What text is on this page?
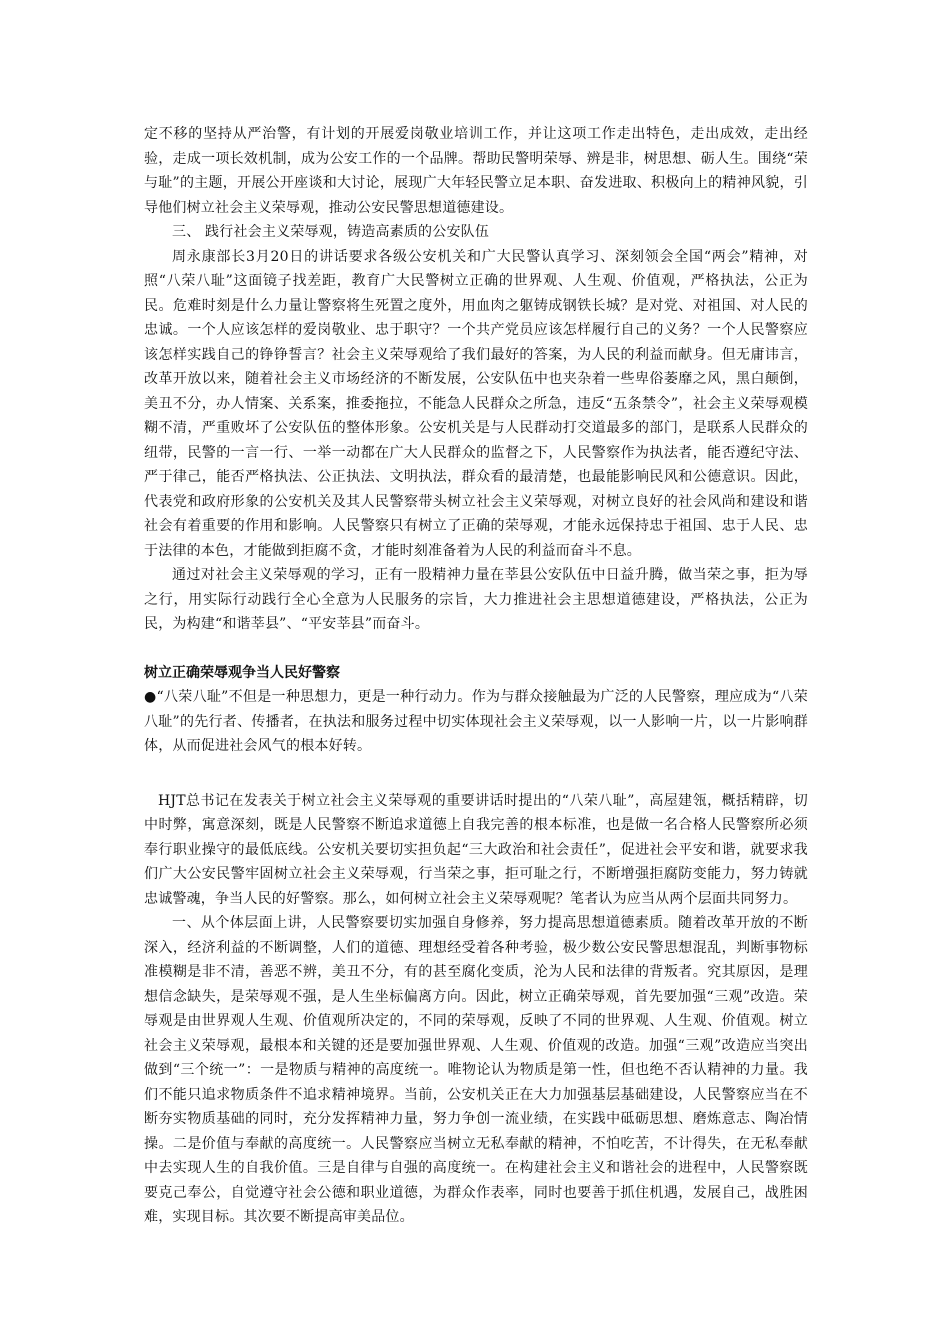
定不移的坚持从严治警，有计划的开展爱岗敬业培训工作，并让这项工作走出特色，走出成效，走出经验，走成一项长效机制，成为公安工作的一个品牌。帮助民警明荣辱、辨是非，树思想、砺人生。围绕“荣与耻”的主题，开展公开座谈和大讨论，展现广大年轻民警立足本职、奋发进取、积极向上的精神风貌，引导他们树立社会主义荣辱观，推动公安民警思想道德建设。

三、 践行社会主义荣辱观，铸造高素质的公安队伍

周永康部长3月20日的讲话要求各级公安机关和广大民警认真学习、深刻领会全国“两会”精神，对照“八荣八耻”这面镜子找差距，教育广大民警树立正确的世界观、人生观、价值观，严格执法，公正为民。危难时刻是什么力量让警察将生死置之度外，用血肉之躯铸成钢铁长城？是对党、对祖国、对人民的忠诚。一个人应该怎样的爱岗敬业、忠于职守？一个共产党员应该怎样履行自己的义务？一个人民警察应该怎样实践自己的铮铮誓言？社会主义荣辱观给了我们最好的答案，为人民的利益而献身。但无庸讳言，改革开放以来，随着社会主义市场经济的不断发展，公安队伍中也夹杂着一些卑俗萎靡之风，黑白颠倒，美丑不分，办人情案、关系案，推委拖拉，不能急人民群众之所急，违反“五条禁令”，社会主义荣辱观模糊不清，严重败坏了公安队伍的整体形象。公安机关是与人民群动打交道最多的部门，是联系人民群众的纽带，民警的一言一行、一举一动都在广大人民群众的监督之下，人民警察作为执法者，能否遵纪守法、严于律己，能否严格执法、公正执法、文明执法，群众看的最清楚，也最能影响民风和公德意识。因此，代表党和政府形象的公安机关及其人民警察带头树立社会主义荣辱观，对树立良好的社会风尚和建设和谐社会有着重要的作用和影响。人民警察只有树立了正确的荣辱观，才能永远保持忠于祖国、忠于人民、忠于法律的本色，才能做到拒腐不贪，才能时刻准备着为人民的利益而奋斗不息。

通过对社会主义荣辱观的学习，正有一股精神力量在莘县公安队伍中日益升腾，做当荣之事，拒为辱之行，用实际行动践行全心全意为人民服务的宗旨，大力推进社会主思想道德建设，严格执法，公正为民，为构建“和谐莘县”、“平安莘县”而奋斗。

树立正确荣辱观争当人民好警察

●“八荣八耻”不但是一种思想力，更是一种行动力。作为与群众接触最为广泛的人民警察，理应成为“八荣八耻”的先行者、传播者，在执法和服务过程中切实体现社会主义荣辱观，以一人影响一片，以一片影响群体，从而促进社会风气的根本好转。

HJT总书记在发表关于树立社会主义荣辱观的重要讲话时提出的“八荣八耻”，高屋建瓴，概括精辟，切中时弊，寓意深刻，既是人民警察不断追求道德上自我完善的根本标准，也是做一名合格人民警察所必须奉行职业操守的最低底线。公安机关要切实担负起“三大政治和社会责任”，促进社会平安和谐，就要求我们广大公安民警牢固树立社会主义荣辱观，行当荣之事，拒可耻之行，不断增强拒腐防变能力，努力铸就忠诚警魂，争当人民的好警察。那么，如何树立社会主义荣辱观呢？笔者认为应当从两个层面共同努力。

一、从个体层面上讲，人民警察要切实加强自身修养，努力提高思想道德素质。随着改革开放的不断深入，经济利益的不断调整，人们的道德、理想经受着各种考验，极少数公安民警思想混乱，判断事物标准模糊是非不清，善恶不辨，美丑不分，有的甚至腐化变质，沦为人民和法律的背叛者。究其原因，是理想信念缺失，是荣辱观不强，是人生坐标偏离方向。因此，树立正确荣辱观，首先要加强“三观”改造。荣辱观是由世界观人生观、价值观所决定的，不同的荣辱观，反映了不同的世界观、人生观、价值观。树立社会主义荣辱观，最根本和关键的还是要加强世界观、人生观、价值观的改造。加强“三观”改造应当突出做到“三个统一”：一是物质与精神的高度统一。唯物论认为物质是第一性，但也绝不否认精神的力量。我们不能只追求物质条件不追求精神境界。当前，公安机关正在大力加强基层基础建设，人民警察应当在不断夯实物质基础的同时，充分发挥精神力量，努力争创一流业绩，在实践中砥砺思想、磨炼意志、陶冶情操。二是价值与奉献的高度统一。人民警察应当树立无私奉献的精神，不怕吃苦，不计得失，在无私奉献中去实现人生的自我价值。三是自律与自强的高度统一。在构建社会主义和谐社会的进程中，人民警察既要克己奉公，自觉遵守社会公德和职业道德，为群众作表率，同时也要善于抓住机遇，发展自己，战胜困难，实现目标。其次要不断提高审美品位。
